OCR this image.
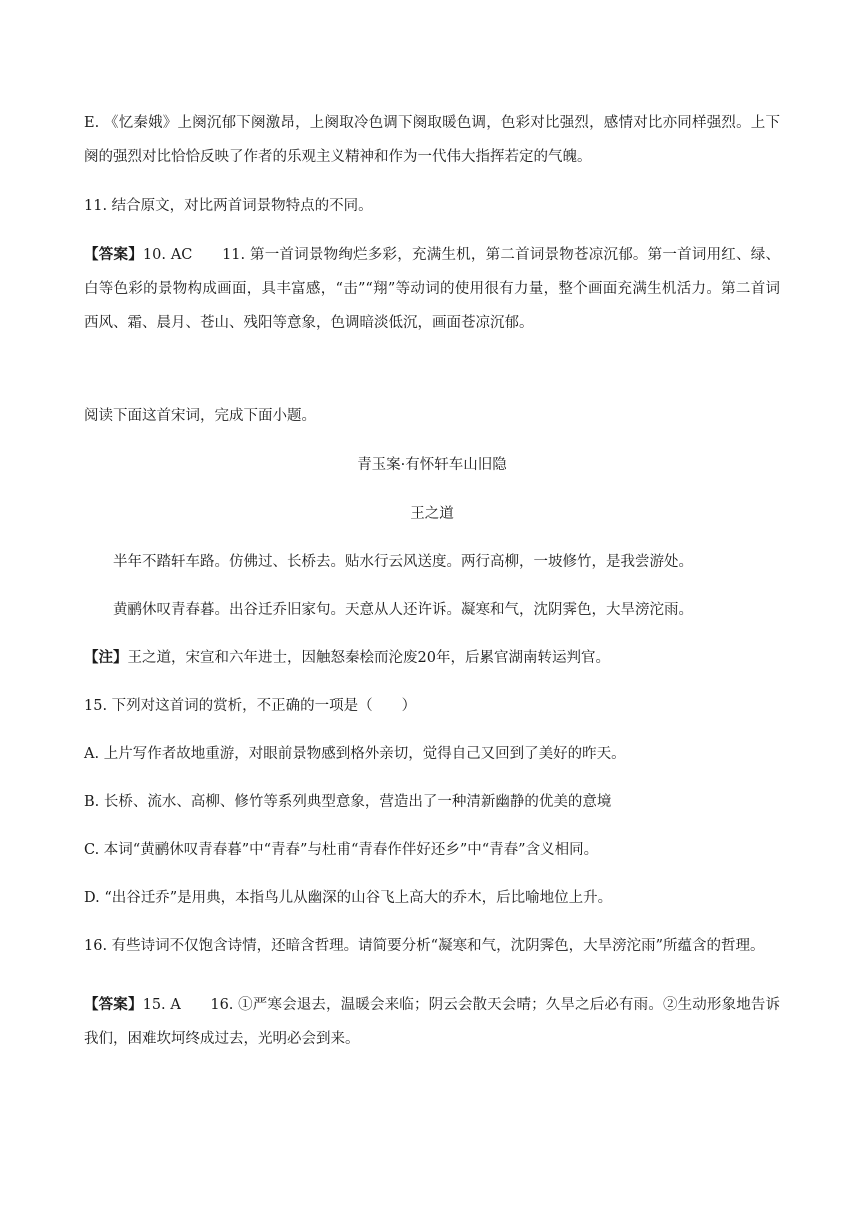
E. 《忆秦娥》上阕沉郁下阕激昂，上阕取冷色调下阕取暖色调，色彩对比强烈，感情对比亦同样强烈。上下阕的强烈对比恰恰反映了作者的乐观主义精神和作为一代伟大指挥若定的气魄。

11. 结合原文，对比两首词景物特点的不同。

【答案】10. AC　　11. 第一首词景物绚烂多彩，充满生机，第二首词景物苍凉沉郁。第一首词用红、绿、白等色彩的景物构成画面，具丰富感，“击”“翔”等动词的使用很有力量，整个画面充满生机活力。第二首词西风、霜、晨月、苍山、残阳等意象，色调暗淡低沉，画面苍凉沉郁。

阅读下面这首宋词，完成下面小题。

青玉案·有怀轩车山旧隐

王之道

半年不踏轩车路。仿佛过、长桥去。贴水行云风送度。两行高柳，一坡修竹，是我尝游处。

黄鹂休叹青春暮。出谷迁乔旧家句。天意从人还许诉。凝寒和气，沈阴霁色，大旱滂沱雨。

【注】王之道，宋宣和六年进士，因触怒秦桧而沦废20年，后累官湖南转运判官。

15. 下列对这首词的赏析，不正确的一项是（　　）

A. 上片写作者故地重游，对眼前景物感到格外亲切，觉得自己又回到了美好的昨天。

B. 长桥、流水、高柳、修竹等系列典型意象，营造出了一种清新幽静的优美的意境

C. 本词“黄鹂休叹青春暮”中“青春”与杜甫“青春作伴好还乡”中“青春”含义相同。

D. “出谷迁乔”是用典，本指鸟儿从幽深的山谷飞上高大的乔木，后比喻地位上升。

16. 有些诗词不仅饱含诗情，还暗含哲理。请简要分析“凝寒和气，沈阴霁色，大旱滂沱雨”所蕴含的哲理。

【答案】15. A　　16. ①严寒会退去，温暖会来临；阴云会散天会晴；久旱之后必有雨。②生动形象地告诉我们，困难坎坷终成过去，光明必会到来。
